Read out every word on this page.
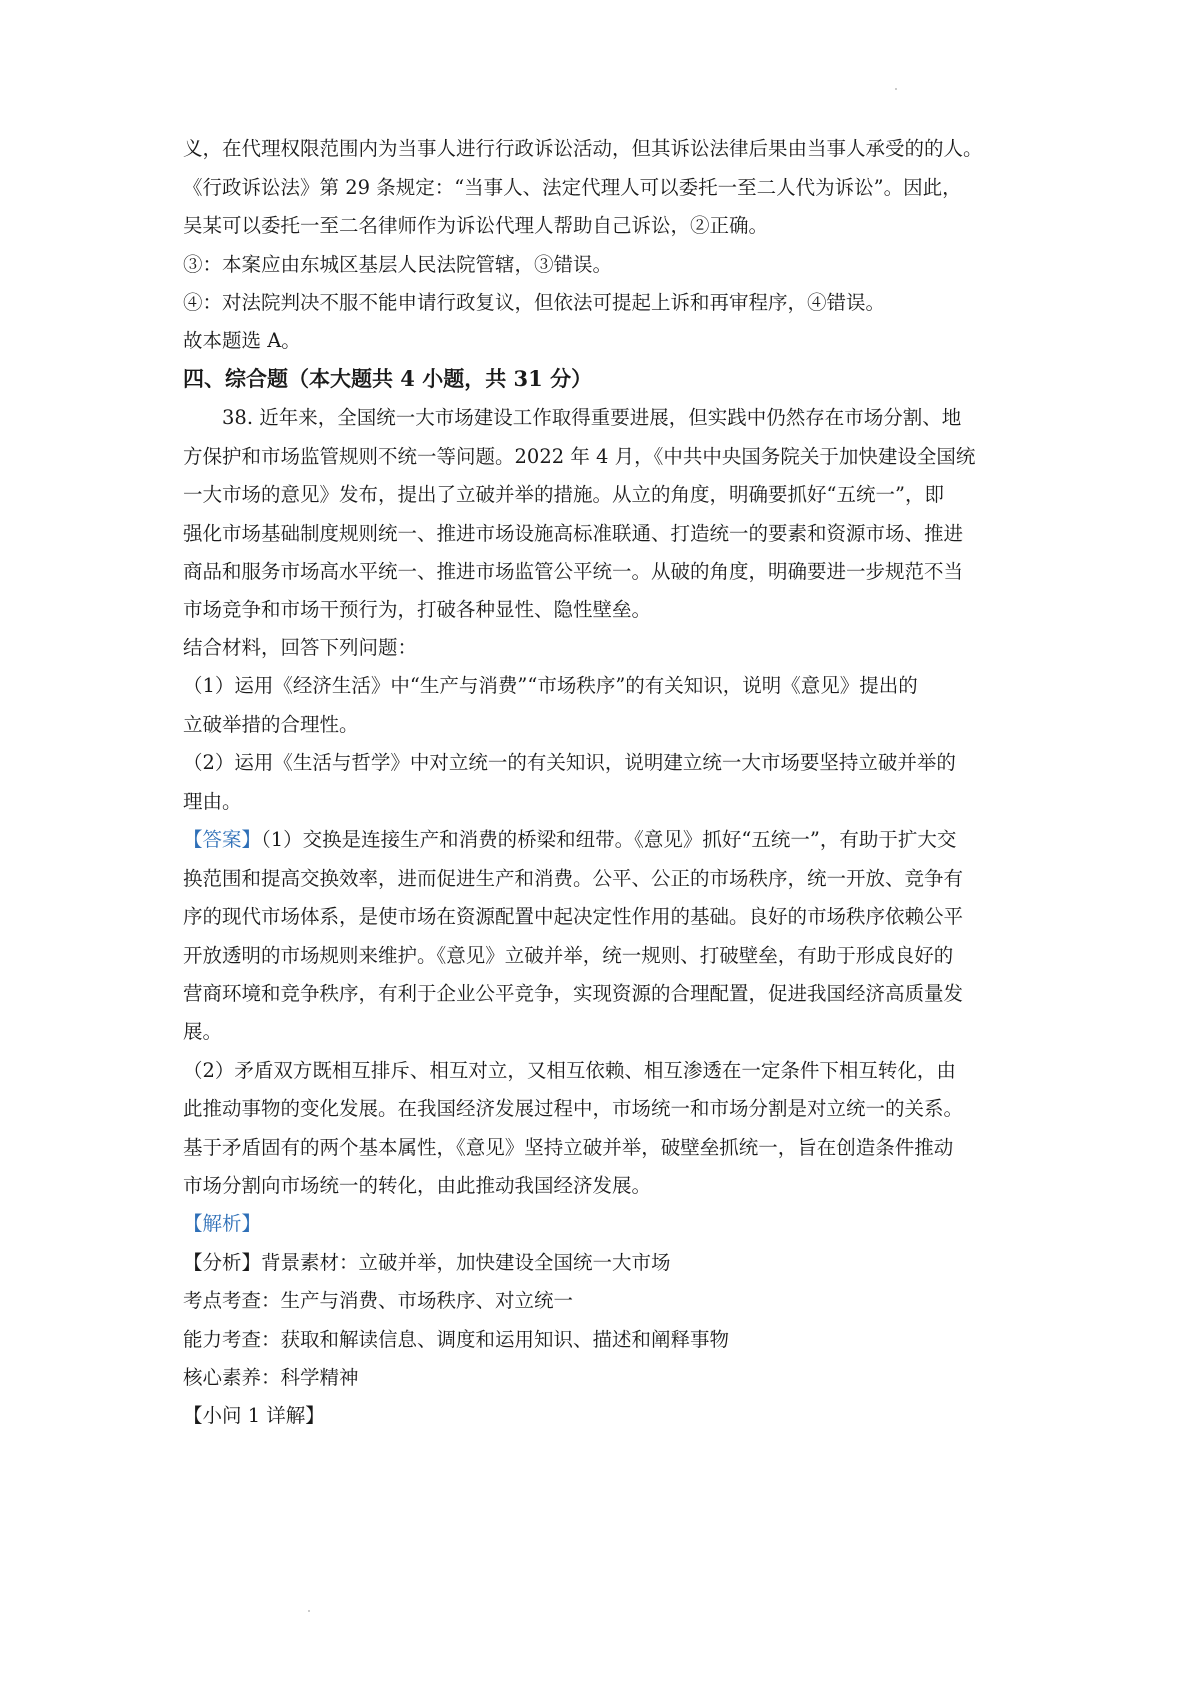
义，在代理权限范围内为当事人进行行政诉讼活动，但其诉讼法律后果由当事人承受的的人。
《行政诉讼法》第 29 条规定：“当事人、法定代理人可以委托一至二人代为诉讼”。因此，
吴某可以委托一至二名律师作为诉讼代理人帮助自己诉讼，②正确。
③：本案应由东城区基层人民法院管辖，③错误。
④：对法院判决不服不能申请行政复议，但依法可提起上诉和再审程序，④错误。
故本题选 A。
四、综合题（本大题共 4 小题，共 31 分）
　　38. 近年来，全国统一大市场建设工作取得重要进展，但实践中仍然存在市场分割、地
方保护和市场监管规则不统一等问题。2022 年 4 月，《中共中央国务院关于加快建设全国统
一大市场的意见》发布，提出了立破并举的措施。从立的角度，明确要抓好“五统一”，即
强化市场基础制度规则统一、推进市场设施高标准联通、打造统一的要素和资源市场、推进
商品和服务市场高水平统一、推进市场监管公平统一。从破的角度，明确要进一步规范不当
市场竞争和市场干预行为，打破各种显性、隐性壁垒。
结合材料，回答下列问题：
（1）运用《经济生活》中“生产与消费”“市场秩序”的有关知识，说明《意见》提出的
立破举措的合理性。
（2）运用《生活与哲学》中对立统一的有关知识，说明建立统一大市场要坚持立破并举的
理由。
【答案】（1）交换是连接生产和消费的桥梁和纽带。《意见》抓好“五统一”，有助于扩大交
换范围和提高交换效率，进而促进生产和消费。公平、公正的市场秩序，统一开放、竞争有
序的现代市场体系，是使市场在资源配置中起决定性作用的基础。良好的市场秩序依赖公平
开放透明的市场规则来维护。《意见》立破并举，统一规则、打破壁垒，有助于形成良好的
营商环境和竞争秩序，有利于企业公平竞争，实现资源的合理配置，促进我国经济高质量发
展。
（2）矛盾双方既相互排斥、相互对立，又相互依赖、相互渗透在一定条件下相互转化，由
此推动事物的变化发展。在我国经济发展过程中，市场统一和市场分割是对立统一的关系。
基于矛盾固有的两个基本属性，《意见》坚持立破并举，破壁垒抓统一，旨在创造条件推动
市场分割向市场统一的转化，由此推动我国经济发展。
【解析】
【分析】背景素材：立破并举，加快建设全国统一大市场
考点考查：生产与消费、市场秩序、对立统一
能力考查：获取和解读信息、调度和运用知识、描述和阐释事物
核心素养：科学精神
【小问 1 详解】
